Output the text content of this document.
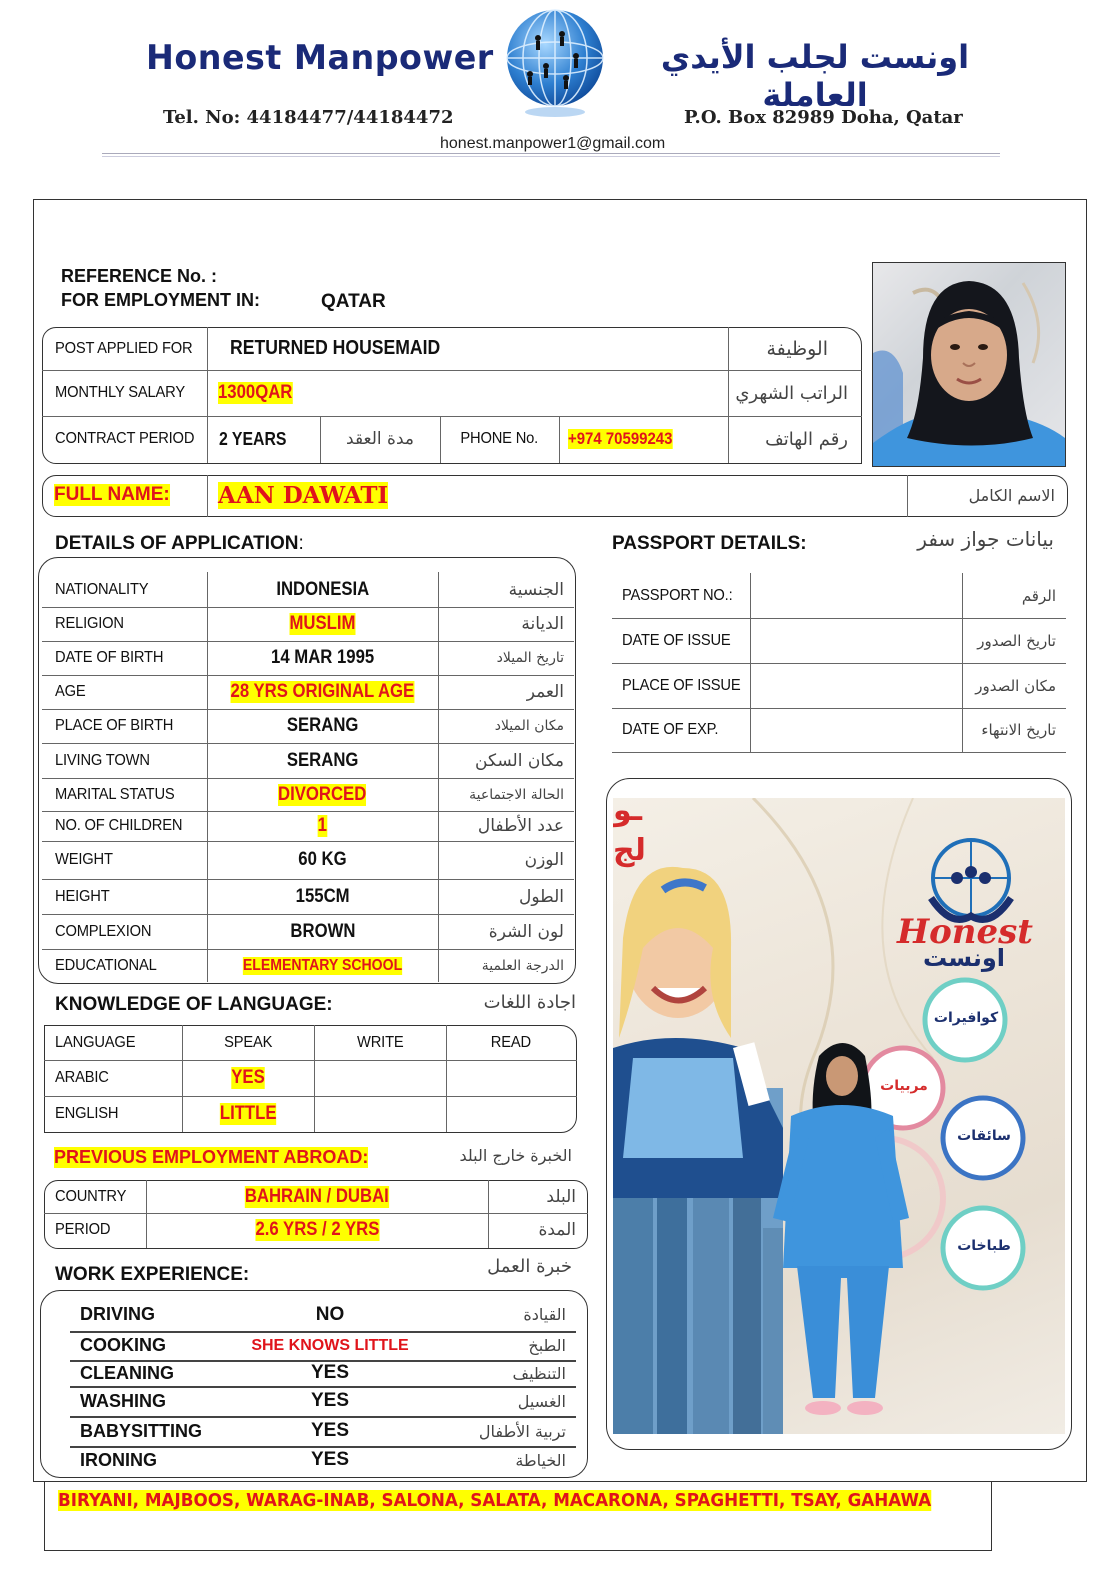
Honest Manpower	اونست لجلب الأيدي العاملة
Tel. No: 44184477/44184472	P.O. Box 82989 Doha, Qatar
honest.manpower1@gmail.com
REFERENCE No. :
FOR EMPLOYMENT IN:	QATAR
POST APPLIED FOR RETURNED HOUSEMAID	الوظيفة
MONTHLY SALARY 1300QAR	الراتب الشهري
CONTRACT PERIOD 2 YEARS	مدة العقد	PHONE No. +974 70599243	رقم الهاتف
FULL NAME: AAN DAWATI	الاسم الكامل
DETAILS OF APPLICATION:
NATIONALITY	INDONESIA	الجنسية
RELIGION	MUSLIM	الديانة
DATE OF BIRTH	14 MAR 1995	تاريخ الميلاد
AGE	28 YRS ORIGINAL AGE	العمر
PLACE OF BIRTH	SERANG	مكان الميلاد
LIVING TOWN	SERANG	مكان السكن
MARITAL STATUS	DIVORCED	الحالة الاجتماعية
NO. OF CHILDREN	1	عدد الأطفال
WEIGHT	60 KG	الوزن
HEIGHT	155CM	الطول
COMPLEXION	BROWN	لون الشرة
EDUCATIONAL	ELEMENTARY SCHOOL	الدرجة العلمية
PASSPORT DETAILS:	بيانات جواز سفر
PASSPORT NO.:	الرقم
DATE OF ISSUE	تاريخ الصدور
PLACE OF ISSUE	مكان الصدور
DATE OF EXP.	تاريخ الانتهاء
ـو
لج
Honest
اونست
كوافيرات
مربيات
سائقات
طباخات
KNOWLEDGE OF LANGUAGE:	اجادة اللغات
LANGUAGE	SPEAK	WRITE	READ
ARABIC	YES
ENGLISH	LITTLE
PREVIOUS EMPLOYMENT ABROAD:	الخبرة خارج البلد
COUNTRY	BAHRAIN / DUBAI	البلد
PERIOD	2.6 YRS / 2 YRS	المدة
WORK EXPERIENCE:	خبرة العمل
DRIVING	NO	القيادة
COOKING	SHE KNOWS LITTLE	الطبخ
CLEANING	YES	التنظيف
WASHING	YES	الغسيل
BABYSITTING	YES	تربية الأطفال
IRONING	YES	الخياطة
BIRYANI, MAJBOOS, WARAG-INAB, SALONA, SALATA, MACARONA, SPAGHETTI, TSAY, GAHAWA
